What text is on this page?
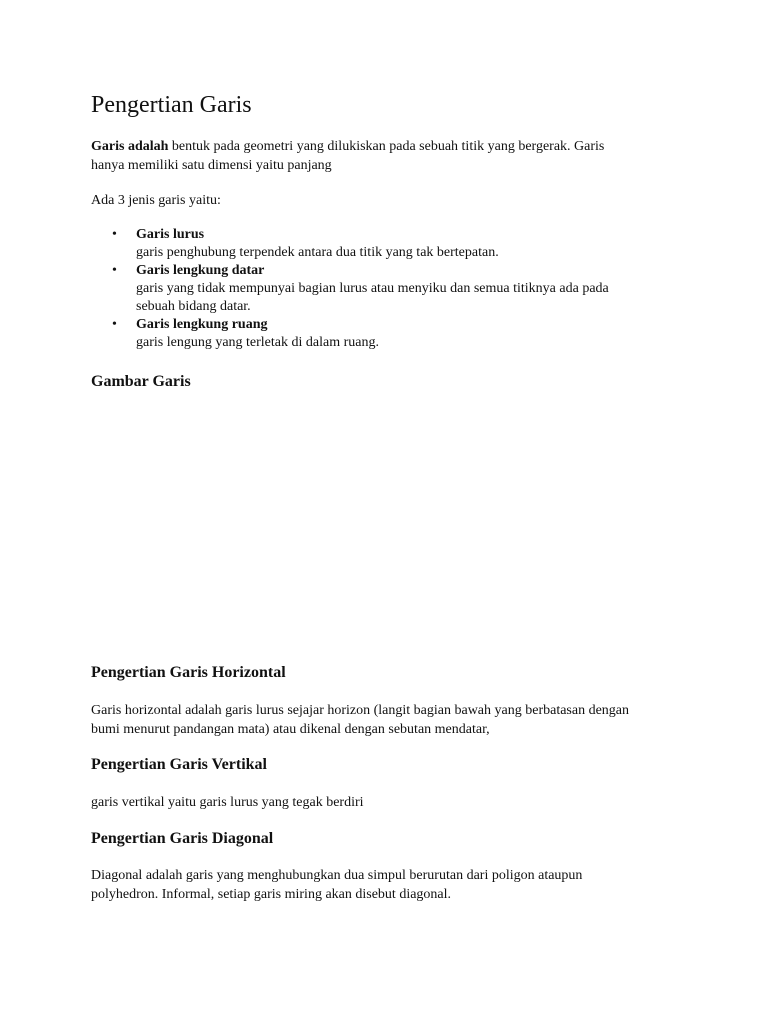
Pengertian Garis

Garis adalah bentuk pada geometri yang dilukiskan pada sebuah titik yang bergerak. Garis
hanya memiliki satu dimensi yaitu panjang

Ada 3 jenis garis yaitu:

• Garis lurus
garis penghubung terpendek antara dua titik yang tak bertepatan.
• Garis lengkung datar
garis yang tidak mempunyai bagian lurus atau menyiku dan semua titiknya ada pada
sebuah bidang datar.
• Garis lengkung ruang
garis lengung yang terletak di dalam ruang.
Gambar Garis
Pengertian Garis Horizontal

Garis horizontal adalah garis lurus sejajar horizon (langit bagian bawah yang berbatasan dengan
bumi menurut pandangan mata) atau dikenal dengan sebutan mendatar,

Pengertian Garis Vertikal

garis vertikal yaitu garis lurus yang tegak berdiri

Pengertian Garis Diagonal

Diagonal adalah garis yang menghubungkan dua simpul berurutan dari poligon ataupun
polyhedron. Informal, setiap garis miring akan disebut diagonal.
